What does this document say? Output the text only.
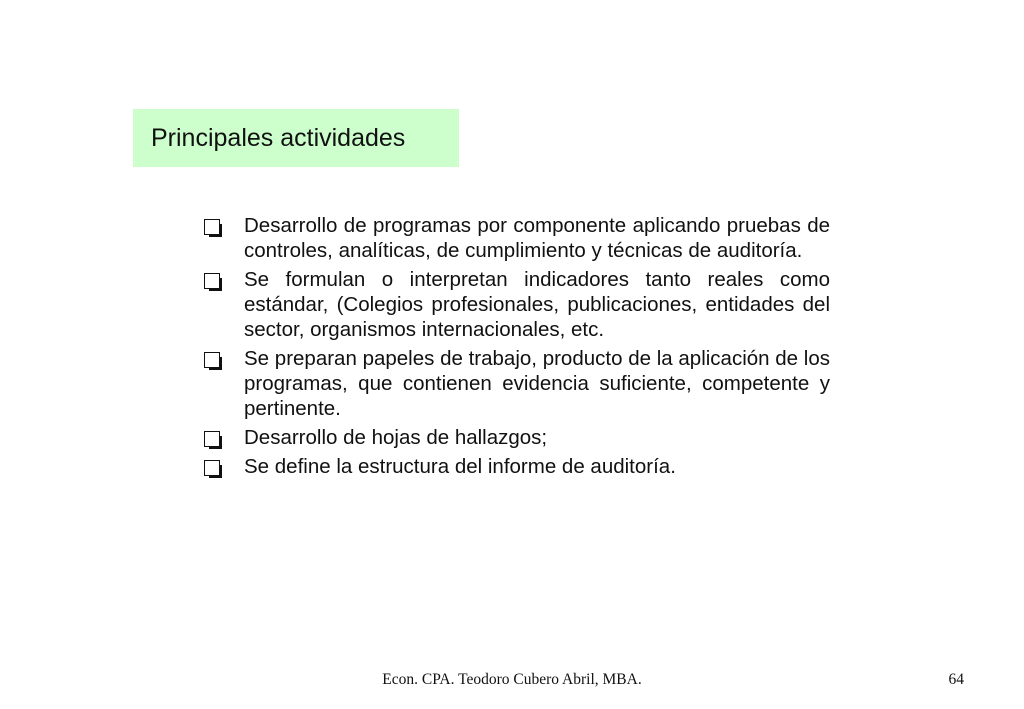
Principales actividades
Desarrollo de programas por componente aplicando pruebas de controles, analíticas, de cumplimiento y técnicas de auditoría.
Se formulan o interpretan indicadores tanto reales como estándar, (Colegios profesionales, publicaciones, entidades del sector, organismos internacionales, etc.
Se preparan papeles de trabajo, producto de la aplicación de los programas, que contienen evidencia suficiente, competente y pertinente.
Desarrollo de hojas de hallazgos;
Se define la estructura del informe de auditoría.
Econ. CPA. Teodoro Cubero Abril, MBA.	64
